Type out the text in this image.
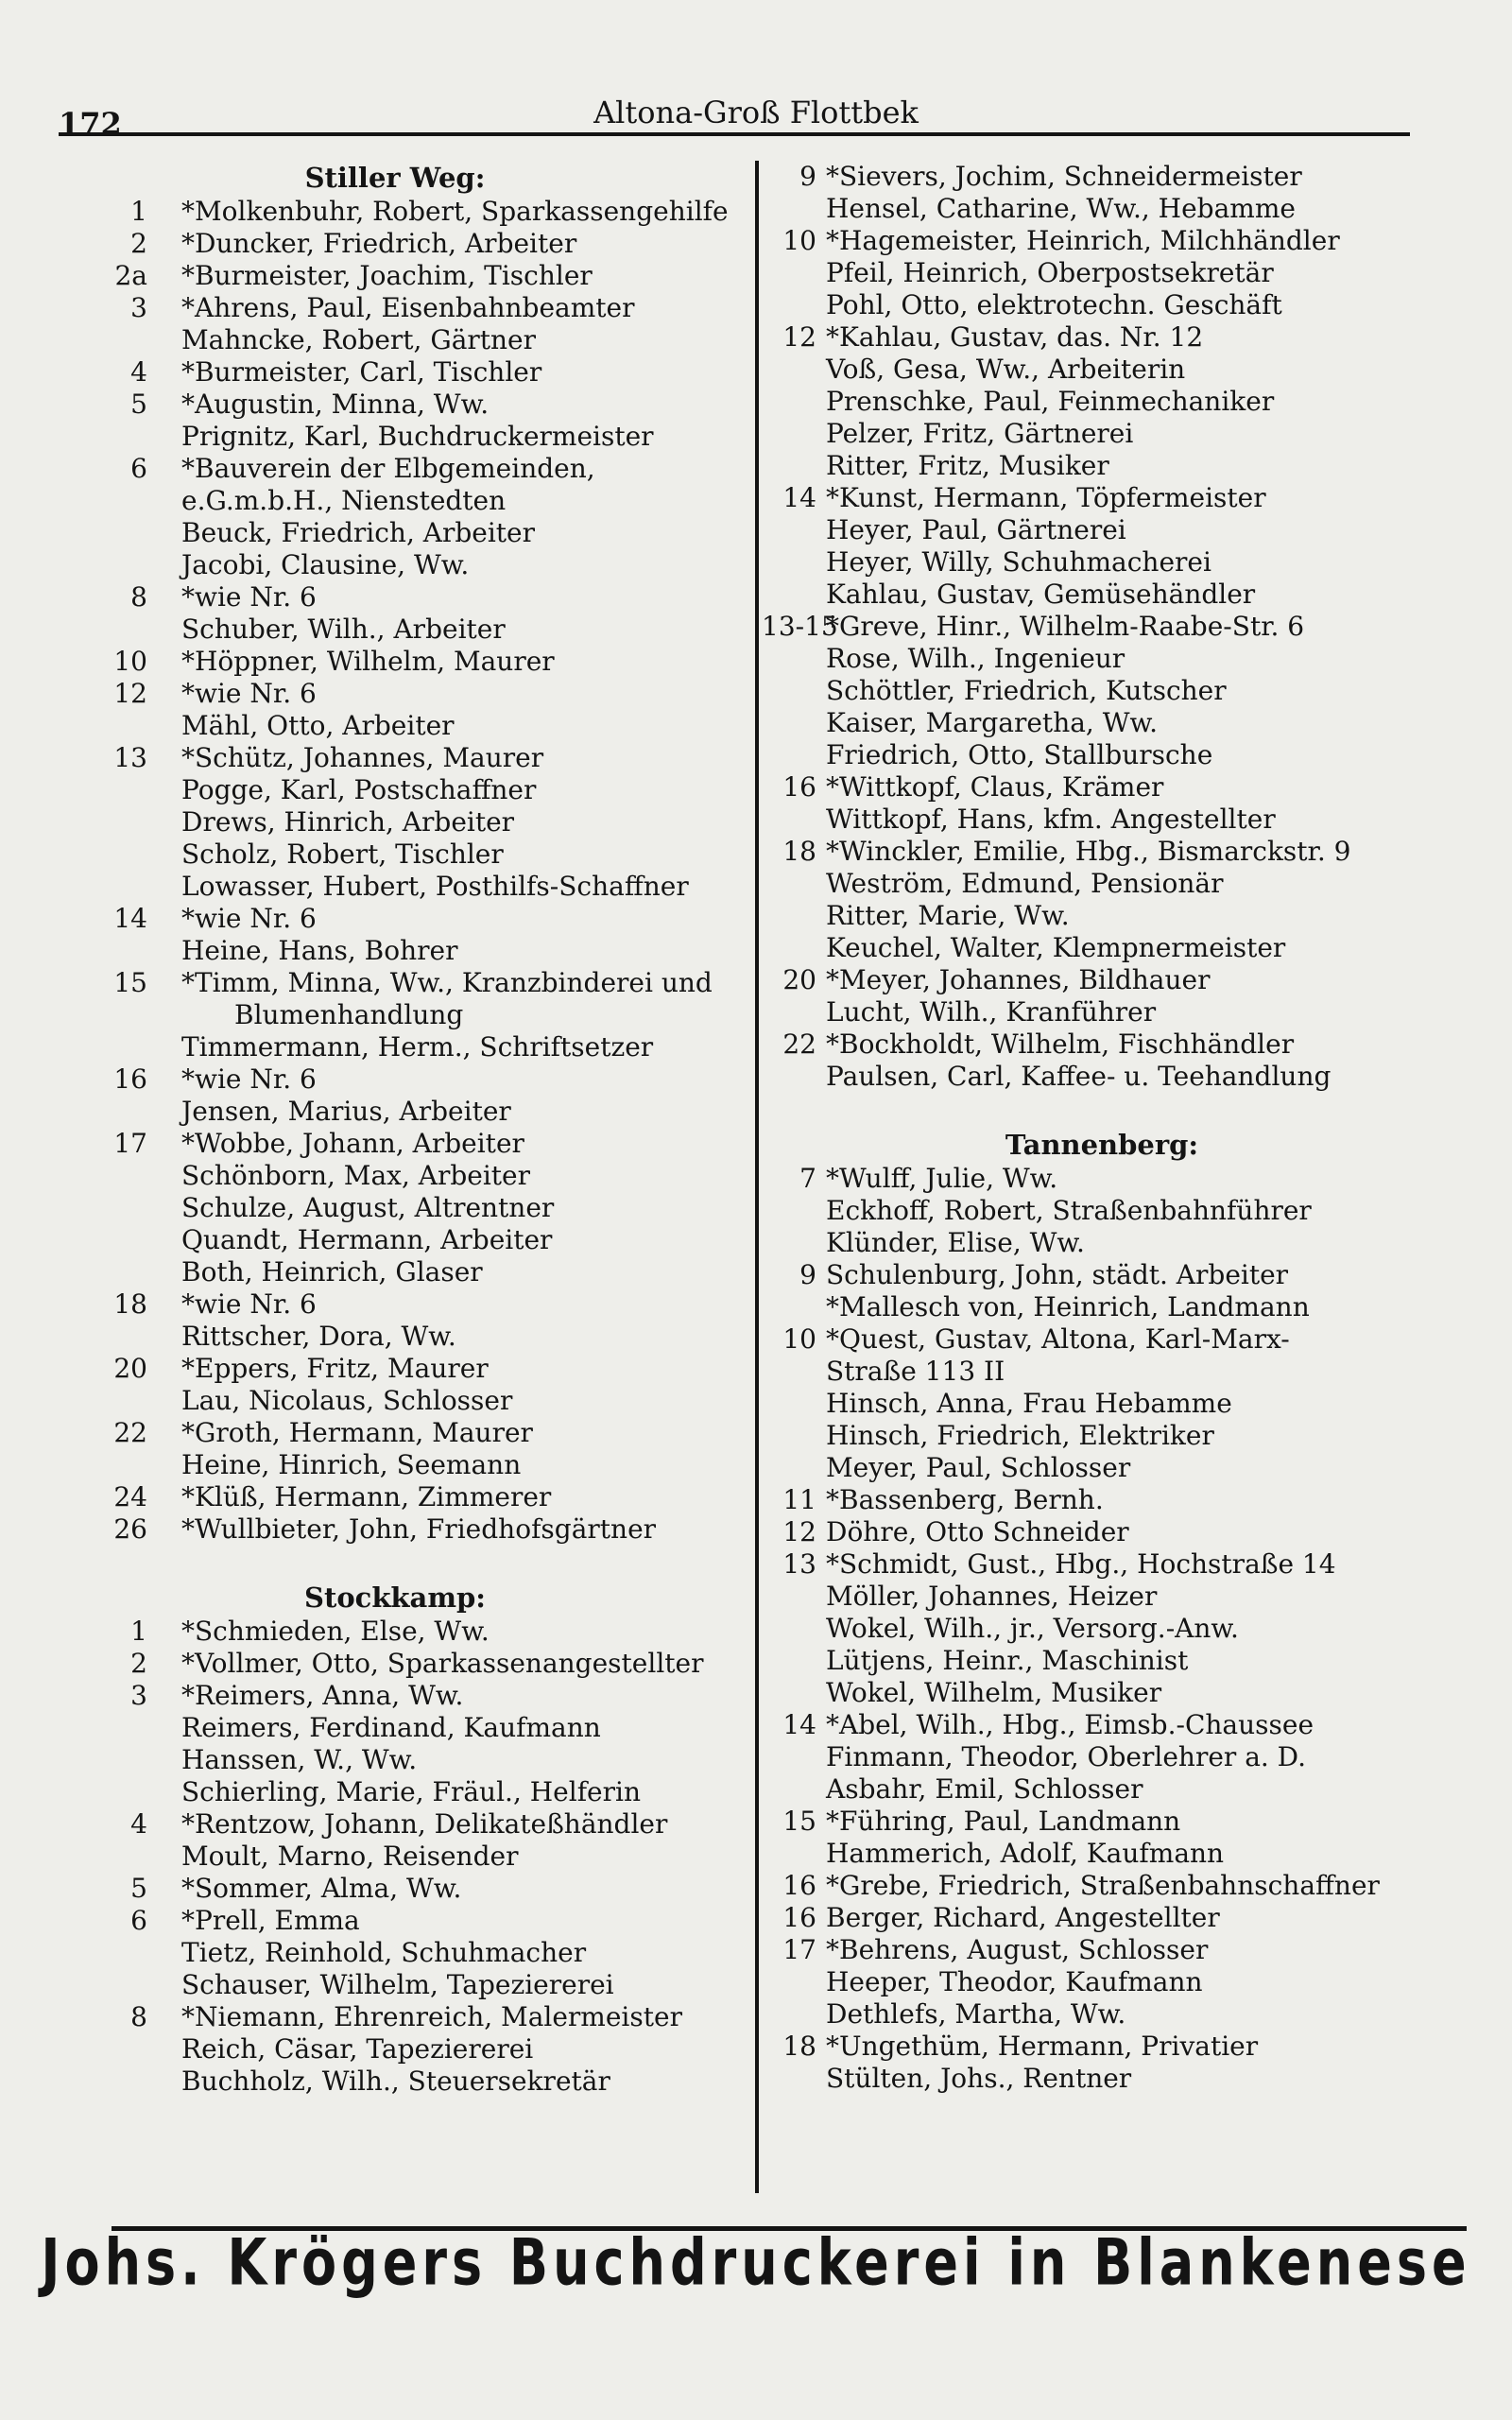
172	Altona-Groß Flottbek
Stiller Weg:
1 *Molkenbuhr, Robert, Sparkassengehilfe
2 *Duncker, Friedrich, Arbeiter
2a *Burmeister, Joachim, Tischler
3 *Ahrens, Paul, Eisenbahnbeamter
Mahncke, Robert, Gärtner
4 *Burmeister, Carl, Tischler
5 *Augustin, Minna, Ww.
Prignitz, Karl, Buchdruckermeister
6 *Bauverein der Elbgemeinden,
e.G.m.b.H., Nienstedten
Beuck, Friedrich, Arbeiter
Jacobi, Clausine, Ww.
8 *wie Nr. 6
Schuber, Wilh., Arbeiter
10 *Höppner, Wilhelm, Maurer
12 *wie Nr. 6
Mähl, Otto, Arbeiter
13 *Schütz, Johannes, Maurer
Pogge, Karl, Postschaffner
Drews, Hinrich, Arbeiter
Scholz, Robert, Tischler
Lowasser, Hubert, Posthilfs-Schaffner
14 *wie Nr. 6
Heine, Hans, Bohrer
15 *Timm, Minna, Ww., Kranzbinderei und
Blumenhandlung
Timmermann, Herm., Schriftsetzer
16 *wie Nr. 6
Jensen, Marius, Arbeiter
17 *Wobbe, Johann, Arbeiter
Schönborn, Max, Arbeiter
Schulze, August, Altrentner
Quandt, Hermann, Arbeiter
Both, Heinrich, Glaser
18 *wie Nr. 6
Rittscher, Dora, Ww.
20 *Eppers, Fritz, Maurer
Lau, Nicolaus, Schlosser
22 *Groth, Hermann, Maurer
Heine, Hinrich, Seemann
24 *Klüß, Hermann, Zimmerer
26 *Wullbieter, John, Friedhofsgärtner
Stockkamp:
1 *Schmieden, Else, Ww.
2 *Vollmer, Otto, Sparkassenangestellter
3 *Reimers, Anna, Ww.
Reimers, Ferdinand, Kaufmann
Hanssen, W., Ww.
Schierling, Marie, Fräul., Helferin
4 *Rentzow, Johann, Delikateßhändler
Moult, Marno, Reisender
5 *Sommer, Alma, Ww.
6 *Prell, Emma
Tietz, Reinhold, Schuhmacher
Schauser, Wilhelm, Tapeziererei
8 *Niemann, Ehrenreich, Malermeister
Reich, Cäsar, Tapeziererei
Buchholz, Wilh., Steuersekretär
9 *Sievers, Jochim, Schneidermeister
Hensel, Catharine, Ww., Hebamme
10 *Hagemeister, Heinrich, Milchhändler
Pfeil, Heinrich, Oberpostsekretär
Pohl, Otto, elektrotechn. Geschäft
12 *Kahlau, Gustav, das. Nr. 12
Voß, Gesa, Ww., Arbeiterin
Prenschke, Paul, Feinmechaniker
Pelzer, Fritz, Gärtnerei
Ritter, Fritz, Musiker
14 *Kunst, Hermann, Töpfermeister
Heyer, Paul, Gärtnerei
Heyer, Willy, Schuhmacherei
Kahlau, Gustav, Gemüsehändler
13-15*Greve, Hinr., Wilhelm-Raabe-Str. 6
Rose, Wilh., Ingenieur
Schöttler, Friedrich, Kutscher
Kaiser, Margaretha, Ww.
Friedrich, Otto, Stallbursche
16 *Wittkopf, Claus, Krämer
Wittkopf, Hans, kfm. Angestellter
18 *Winckler, Emilie, Hbg., Bismarckstr. 9
Weström, Edmund, Pensionär
Ritter, Marie, Ww.
Keuchel, Walter, Klempnermeister
20 *Meyer, Johannes, Bildhauer
Lucht, Wilh., Kranführer
22 *Bockholdt, Wilhelm, Fischhändler
Paulsen, Carl, Kaffee- u. Teehandlung
Tannenberg:
7 *Wulff, Julie, Ww.
Eckhoff, Robert, Straßenbahnführer
Klünder, Elise, Ww.
9 Schulenburg, John, städt. Arbeiter
*Mallesch von, Heinrich, Landmann
10 *Quest, Gustav, Altona, Karl-Marx-
Straße 113 II
Hinsch, Anna, Frau Hebamme
Hinsch, Friedrich, Elektriker
Meyer, Paul, Schlosser
11 *Bassenberg, Bernh.
12 Döhre, Otto Schneider
13 *Schmidt, Gust., Hbg., Hochstraße 14
Möller, Johannes, Heizer
Wokel, Wilh., jr., Versorg.-Anw.
Lütjens, Heinr., Maschinist
Wokel, Wilhelm, Musiker
14 *Abel, Wilh., Hbg., Eimsb.-Chaussee
Finmann, Theodor, Oberlehrer a. D.
Asbahr, Emil, Schlosser
15 *Führing, Paul, Landmann
Hammerich, Adolf, Kaufmann
16 *Grebe, Friedrich, Straßenbahnschaffner
16 Berger, Richard, Angestellter
17 *Behrens, August, Schlosser
Heeper, Theodor, Kaufmann
Dethlefs, Martha, Ww.
18 *Ungethüm, Hermann, Privatier
Stülten, Johs., Rentner
Johs. Krögers Buchdruckerei in Blankenese
